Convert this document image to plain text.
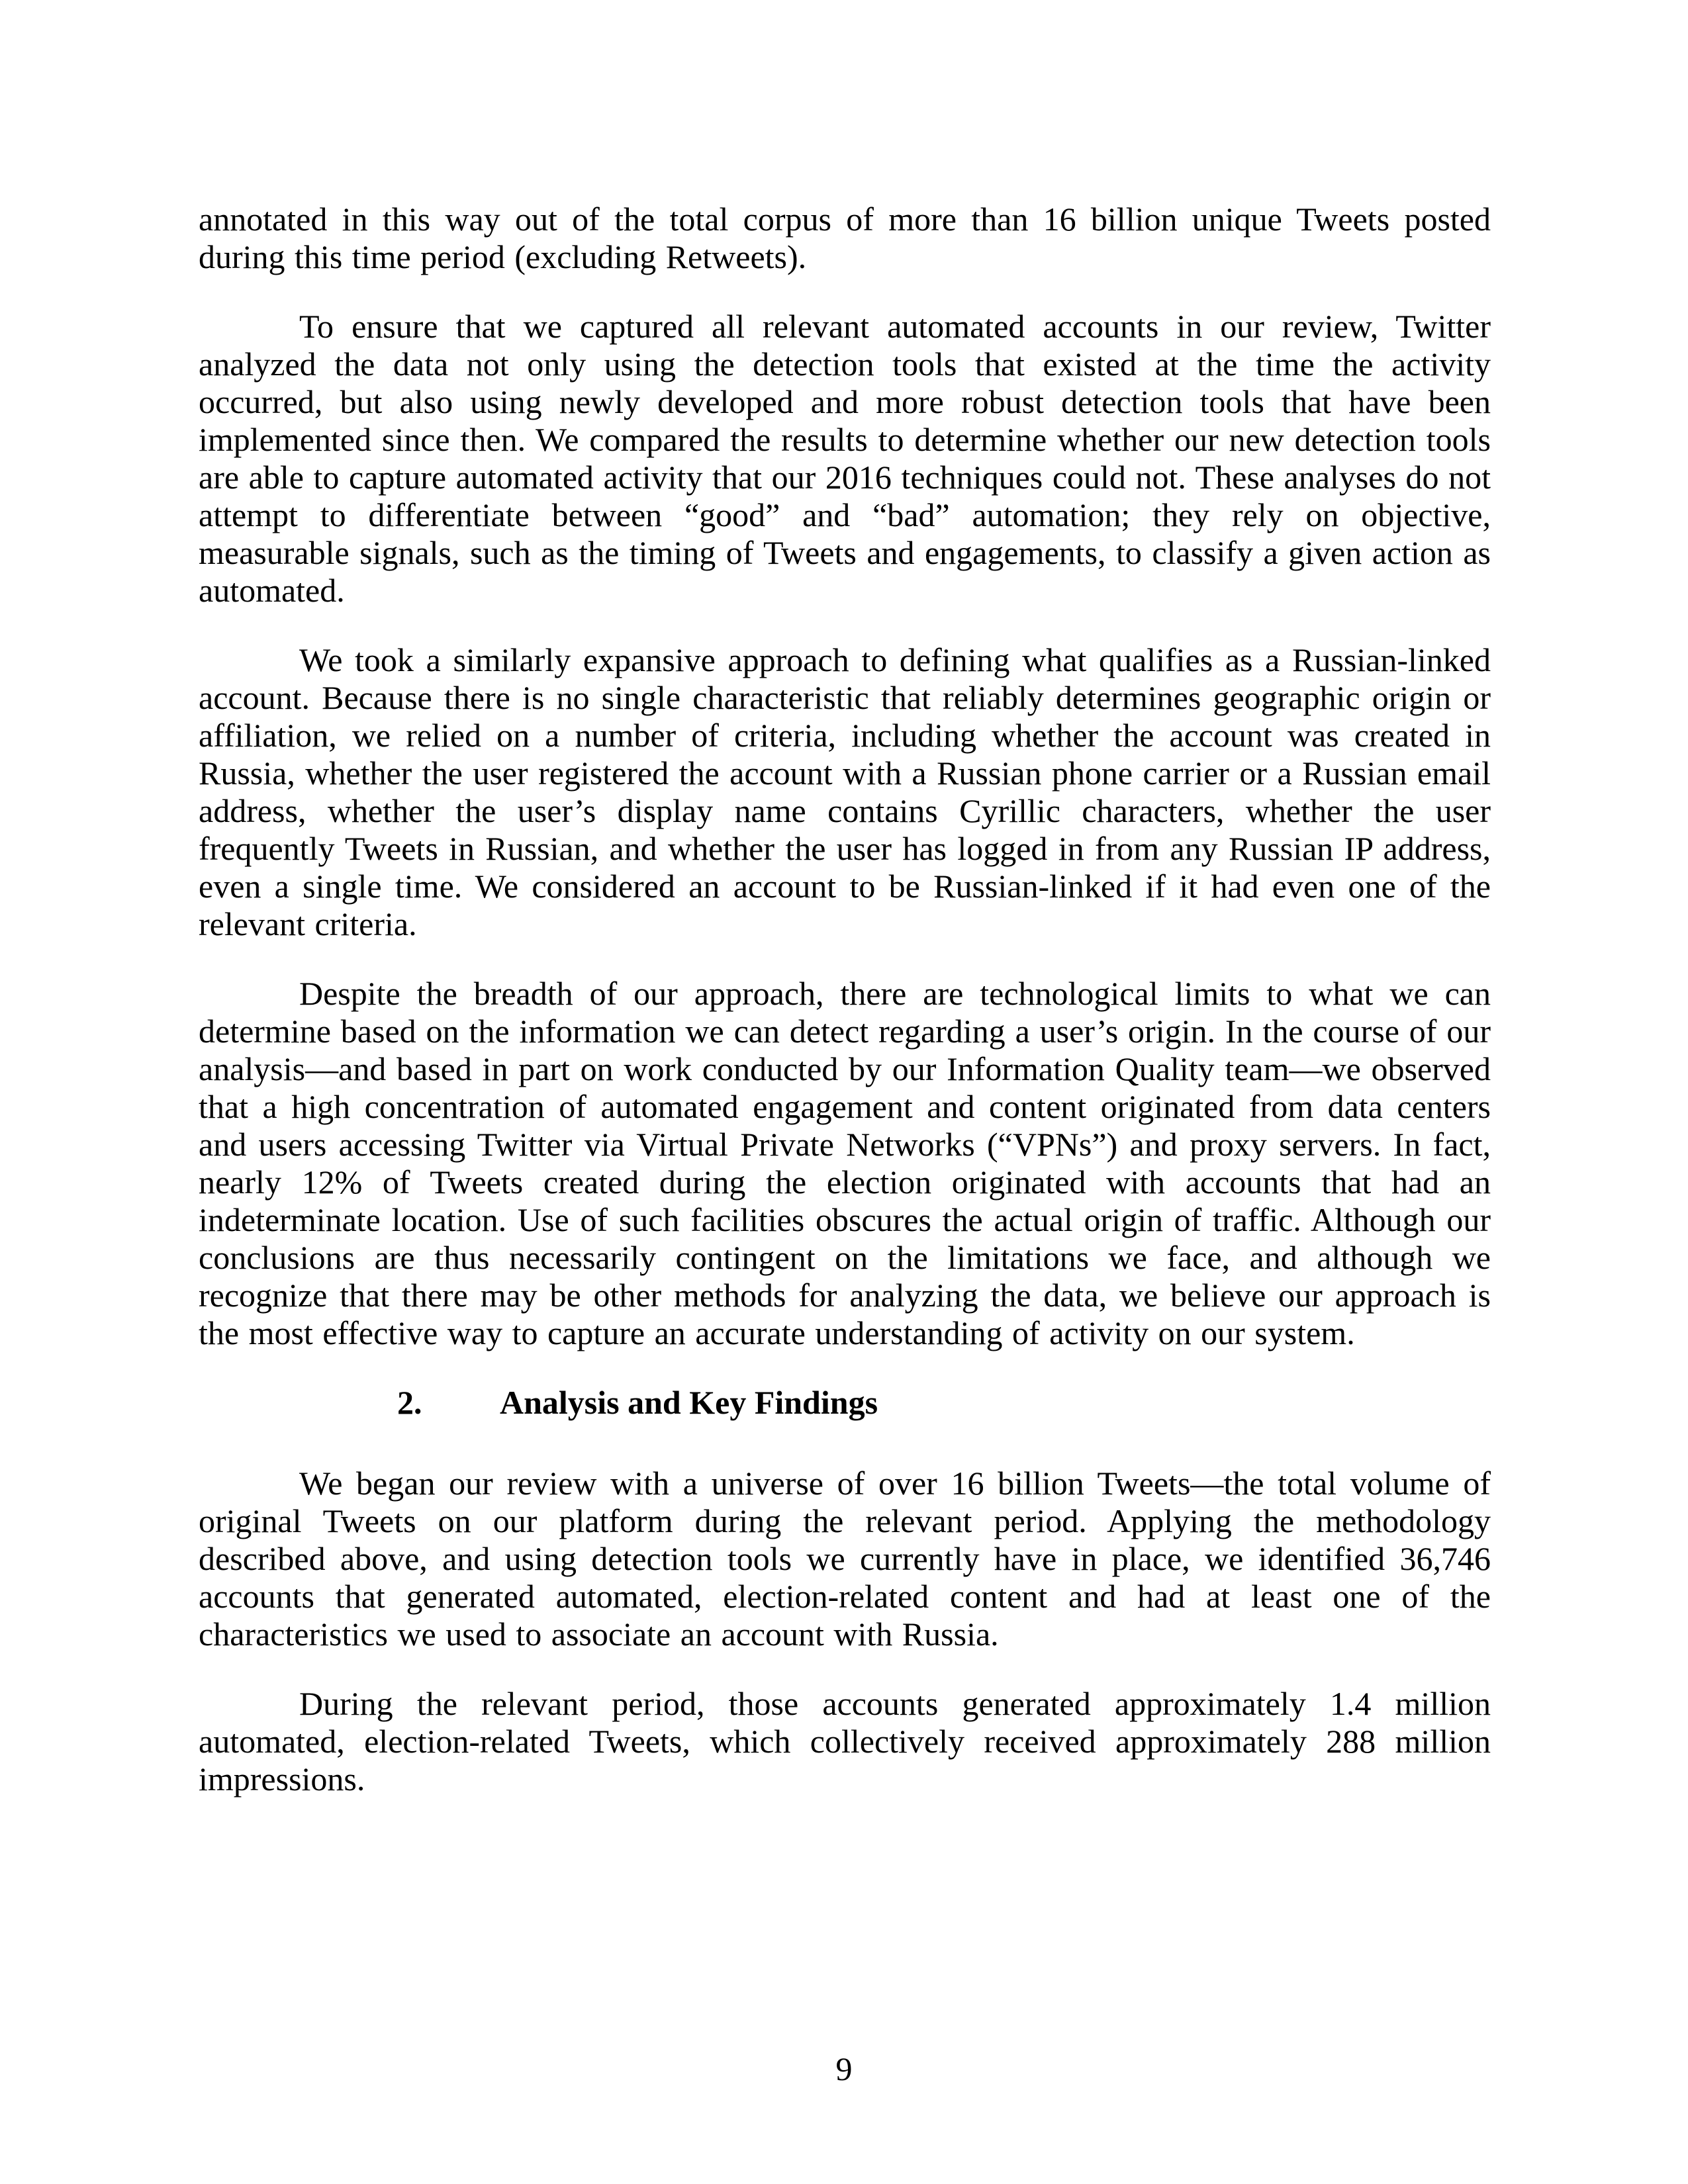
annotated in this way out of the total corpus of more than 16 billion unique Tweets posted during this time period (excluding Retweets).

To ensure that we captured all relevant automated accounts in our review, Twitter analyzed the data not only using the detection tools that existed at the time the activity occurred, but also using newly developed and more robust detection tools that have been implemented since then. We compared the results to determine whether our new detection tools are able to capture automated activity that our 2016 techniques could not. These analyses do not attempt to differentiate between “good” and “bad” automation; they rely on objective, measurable signals, such as the timing of Tweets and engagements, to classify a given action as automated.

We took a similarly expansive approach to defining what qualifies as a Russian-linked account. Because there is no single characteristic that reliably determines geographic origin or affiliation, we relied on a number of criteria, including whether the account was created in Russia, whether the user registered the account with a Russian phone carrier or a Russian email address, whether the user’s display name contains Cyrillic characters, whether the user frequently Tweets in Russian, and whether the user has logged in from any Russian IP address, even a single time. We considered an account to be Russian-linked if it had even one of the relevant criteria.

Despite the breadth of our approach, there are technological limits to what we can determine based on the information we can detect regarding a user’s origin. In the course of our analysis—and based in part on work conducted by our Information Quality team—we observed that a high concentration of automated engagement and content originated from data centers and users accessing Twitter via Virtual Private Networks (“VPNs”) and proxy servers. In fact, nearly 12% of Tweets created during the election originated with accounts that had an indeterminate location. Use of such facilities obscures the actual origin of traffic. Although our conclusions are thus necessarily contingent on the limitations we face, and although we recognize that there may be other methods for analyzing the data, we believe our approach is the most effective way to capture an accurate understanding of activity on our system.

2. Analysis and Key Findings

We began our review with a universe of over 16 billion Tweets—the total volume of original Tweets on our platform during the relevant period. Applying the methodology described above, and using detection tools we currently have in place, we identified 36,746 accounts that generated automated, election-related content and had at least one of the characteristics we used to associate an account with Russia.

During the relevant period, those accounts generated approximately 1.4 million automated, election-related Tweets, which collectively received approximately 288 million impressions.

9
